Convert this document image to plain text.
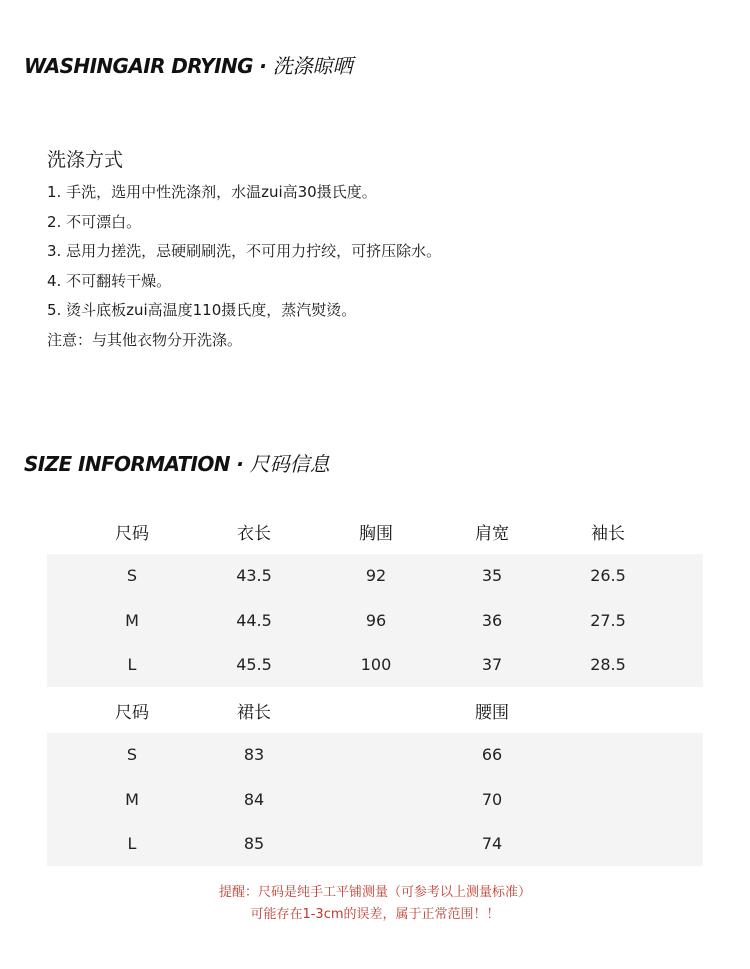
WASHINGAIR DRYING · 洗涤晾晒
洗涤方式
1. 手洗，选用中性洗涤剂，水温zui高30摄氏度。
2. 不可漂白。
3. 忌用力搓洗，忌硬刷刷洗，不可用力拧绞，可挤压除水。
4. 不可翻转干燥。
5. 烫斗底板zui高温度110摄氏度，蒸汽熨烫。
注意：与其他衣物分开洗涤。
SIZE INFORMATION · 尺码信息
尺码	衣长	胸围	肩宽	袖长
S	43.5	92	35	26.5
M	44.5	96	36	27.5
L	45.5	100	37	28.5
尺码	裙长	腰围
S	83	66
M	84	70
L	85	74
提醒：尺码是纯手工平铺测量（可参考以上测量标准）
可能存在1-3cm的误差，属于正常范围！！
